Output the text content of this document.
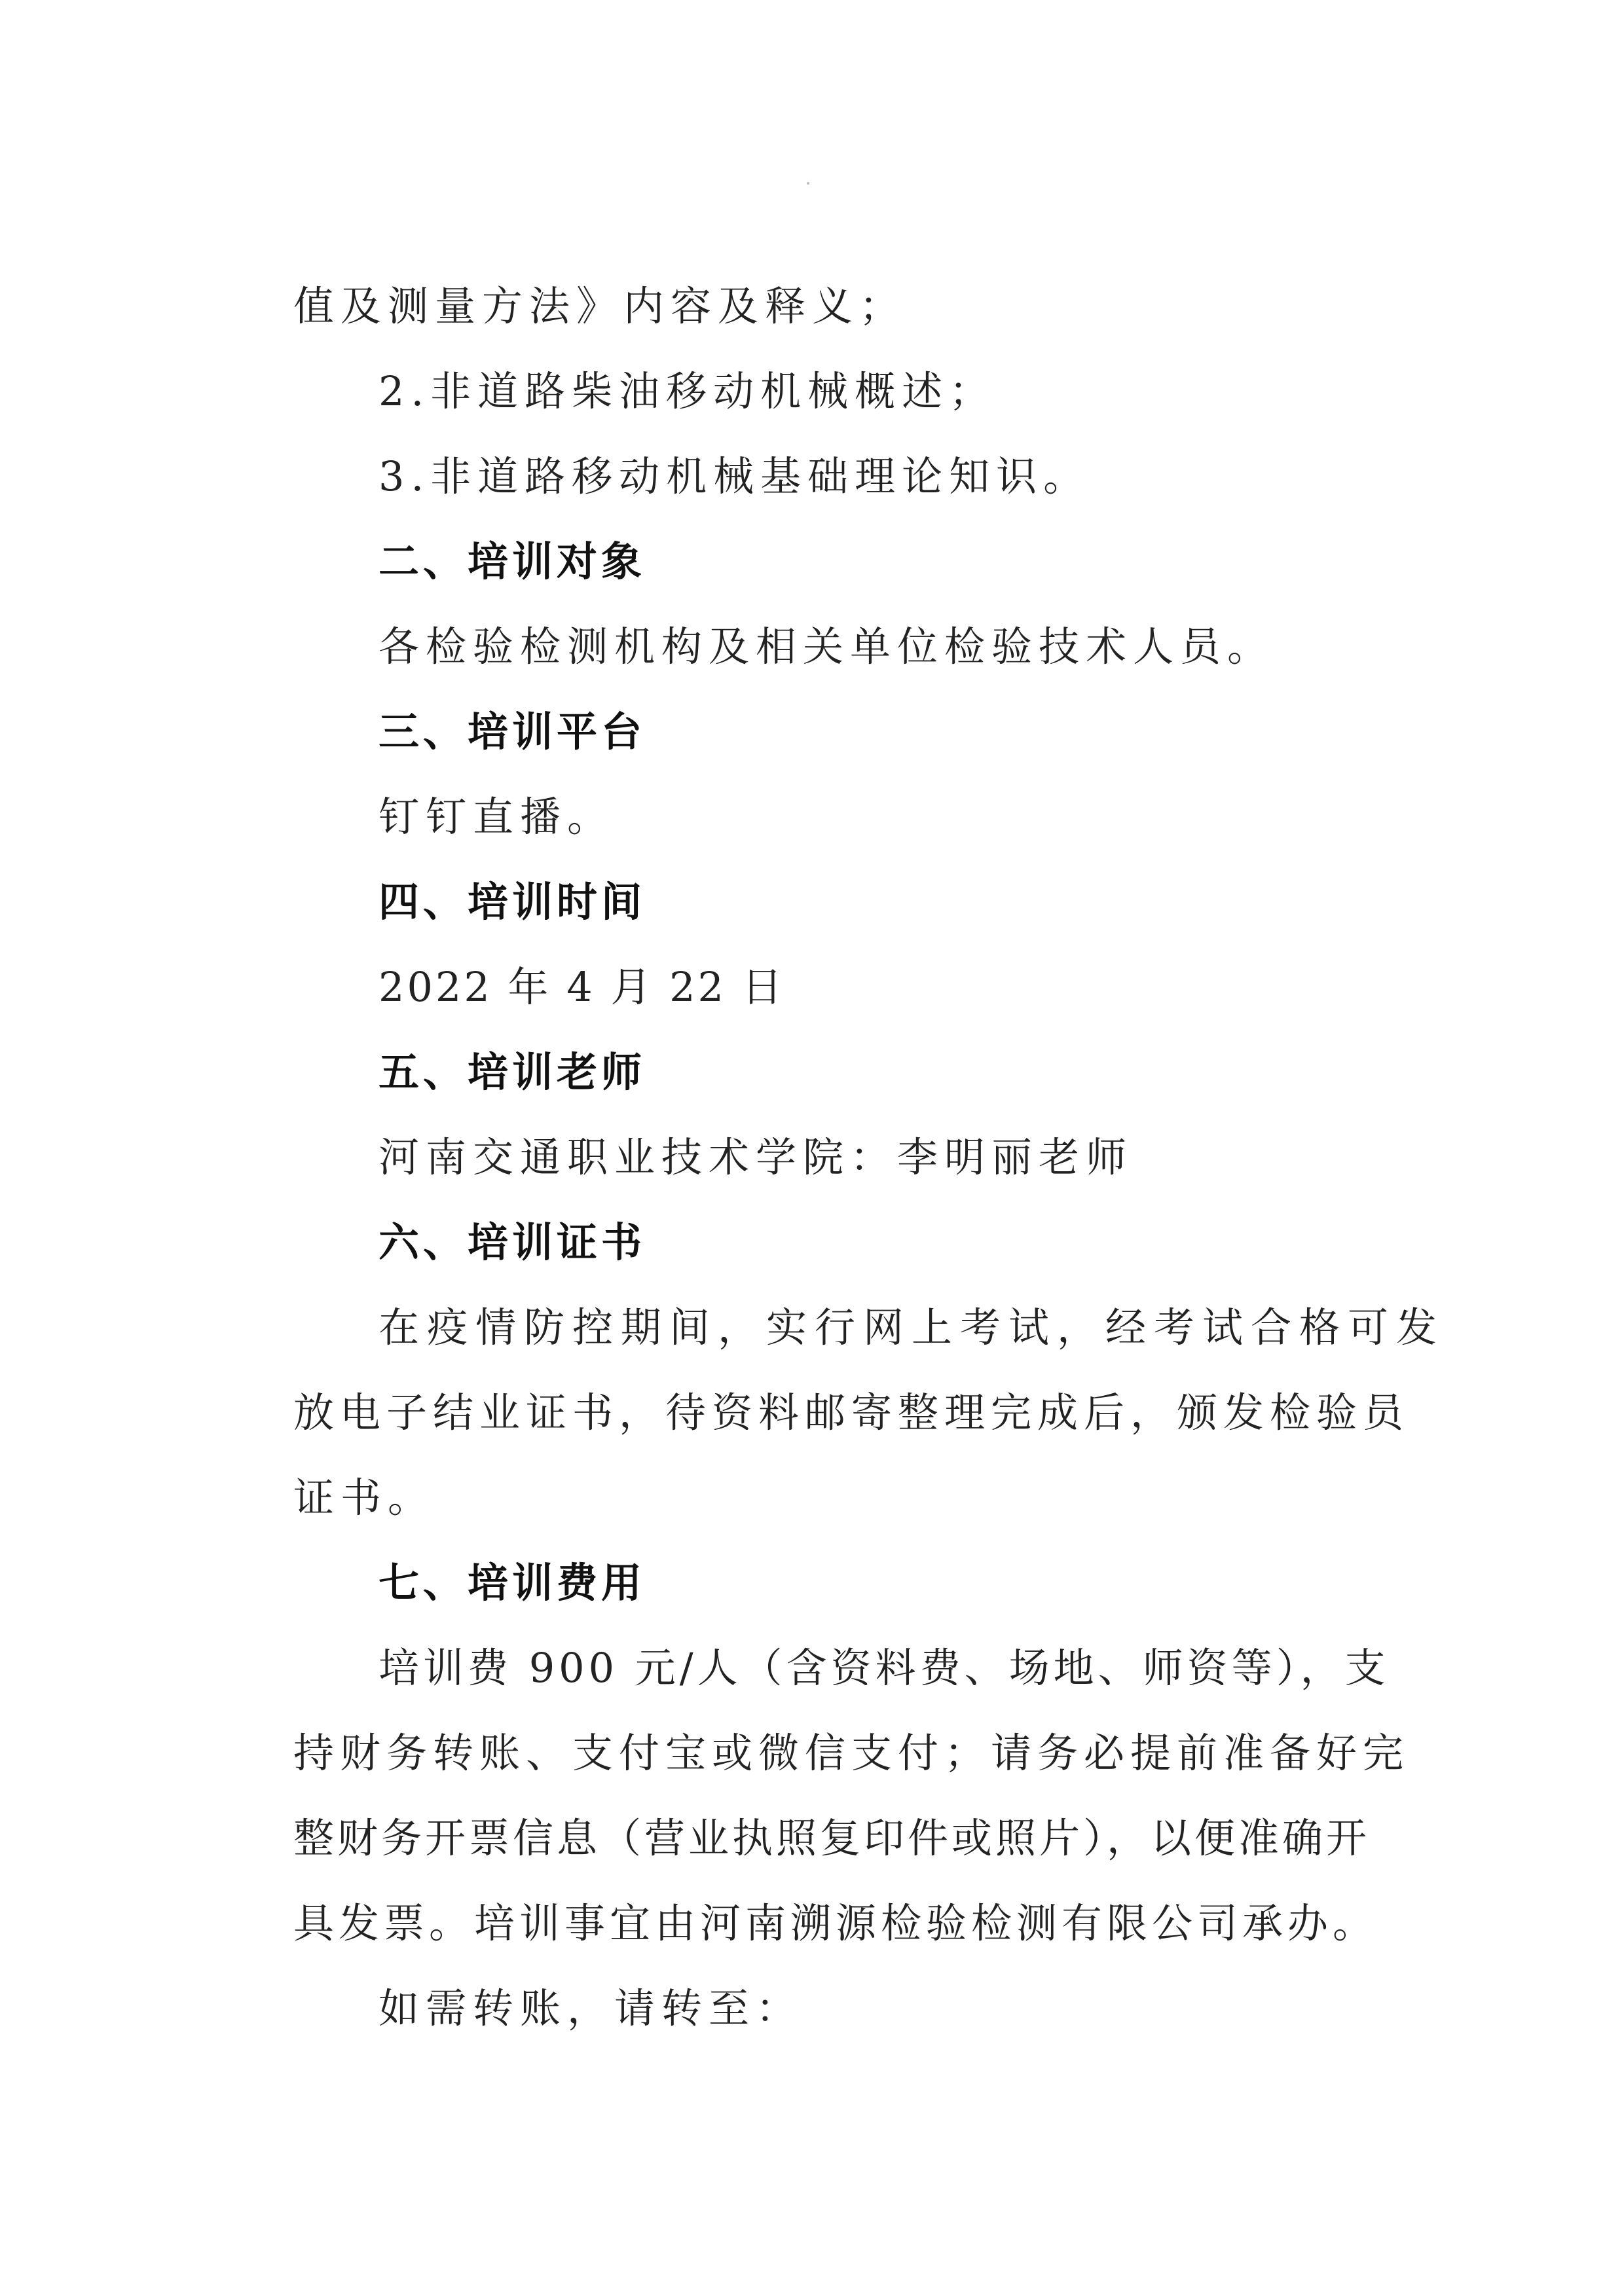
值及测量方法》内容及释义；
2.非道路柴油移动机械概述；
3.非道路移动机械基础理论知识。
二、培训对象
各检验检测机构及相关单位检验技术人员。
三、培训平台
钉钉直播。
四、培训时间
2022 年 4 月 22 日
五、培训老师
河南交通职业技术学院：李明丽老师
六、培训证书
在疫情防控期间，实行网上考试，经考试合格可发
放电子结业证书，待资料邮寄整理完成后，颁发检验员
证书。
七、培训费用
培训费 900 元/人（含资料费、场地、师资等），支
持财务转账、支付宝或微信支付；请务必提前准备好完
整财务开票信息（营业执照复印件或照片），以便准确开
具发票。培训事宜由河南溯源检验检测有限公司承办。
如需转账，请转至：
